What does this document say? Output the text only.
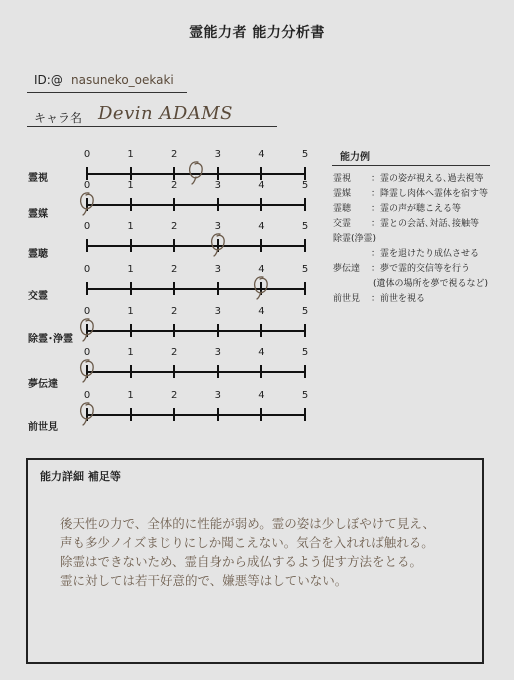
霊能力者 能力分析書
ID:@ nasuneko_oekaki
キャラ名 Devin ADAMS
霊視
0	1	2	3	4	5
霊媒
0	1	2	3	4	5
霊聴
0	1	2	3	4	5
交霊
0	1	2	3	4	5
除霊･浄霊
0	1	2	3	4	5
夢伝達
0	1	2	3	4	5
前世見
0	1	2	3	4	5
能力例
霊視 ：霊の姿が視える､過去視等
霊媒 ：降霊し肉体へ霊体を宿す等
霊聴 ：霊の声が聴こえる等
交霊 ：霊との会話､対話､接触等
除霊(浄霊)
：霊を退けたり成仏させる
夢伝達 ：夢で霊的交信等を行う
(遺体の場所を夢で視るなど)
前世見 ：前世を視る
能力詳細 補足等
後天性の力で、全体的に性能が弱め。霊の姿は少しぼやけて見え、
声も多少ノイズまじりにしか聞こえない。気合を入れれば触れる。
除霊はできないため、霊自身から成仏するよう促す方法をとる。
霊に対しては若干好意的で、嫌悪等はしていない。
